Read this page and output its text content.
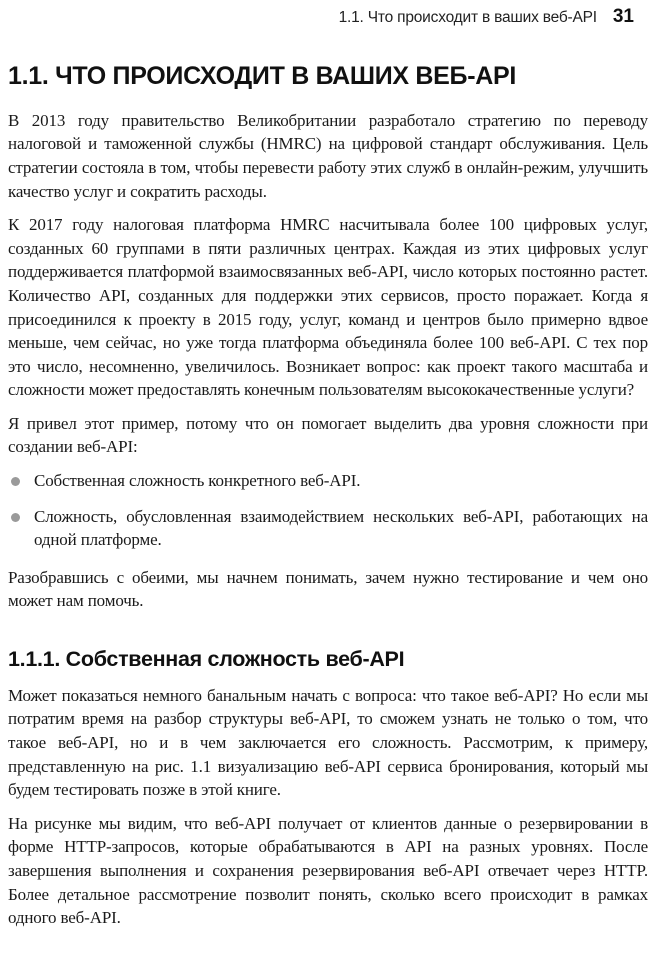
1.1. Что происходит в ваших веб-API 31
1.1. ЧТО ПРОИСХОДИТ В ВАШИХ ВЕБ-API

В 2013 году правительство Великобритании разработало стратегию по переводу налоговой и таможенной службы (HMRC) на цифровой стандарт обслуживания. Цель стратегии состояла в том, чтобы перевести работу этих служб в онлайн-режим, улучшить качество услуг и сократить расходы.

К 2017 году налоговая платформа HMRC насчитывала более 100 цифровых услуг, созданных 60 группами в пяти различных центрах. Каждая из этих цифровых услуг поддерживается платформой взаимосвязанных веб-API, число которых постоянно растет. Количество API, созданных для поддержки этих сервисов, просто поражает. Когда я присоединился к проекту в 2015 году, услуг, команд и центров было примерно вдвое меньше, чем сейчас, но уже тогда платформа объединяла более 100 веб-API. С тех пор это число, несомненно, увеличилось. Возникает вопрос: как проект такого масштаба и сложности может предоставлять конечным пользователям высококачественные услуги?

Я привел этот пример, потому что он помогает выделить два уровня сложности при создании веб-API:

Собственная сложность конкретного веб-API.
Сложность, обусловленная взаимодействием нескольких веб-API, работающих на одной платформе.

Разобравшись с обеими, мы начнем понимать, зачем нужно тестирование и чем оно может нам помочь.

1.1.1. Собственная сложность веб-API

Может показаться немного банальным начать с вопроса: что такое веб-API? Но если мы потратим время на разбор структуры веб-API, то сможем узнать не только о том, что такое веб-API, но и в чем заключается его сложность. Рассмотрим, к примеру, представленную на рис. 1.1 визуализацию веб-API сервиса бронирования, который мы будем тестировать позже в этой книге.

На рисунке мы видим, что веб-API получает от клиентов данные о резервировании в форме HTTP-запросов, которые обрабатываются в API на разных уровнях. После завершения выполнения и сохранения резервирования веб-API отвечает через HTTP. Более детальное рассмотрение позволит понять, сколько всего происходит в рамках одного веб-API.
